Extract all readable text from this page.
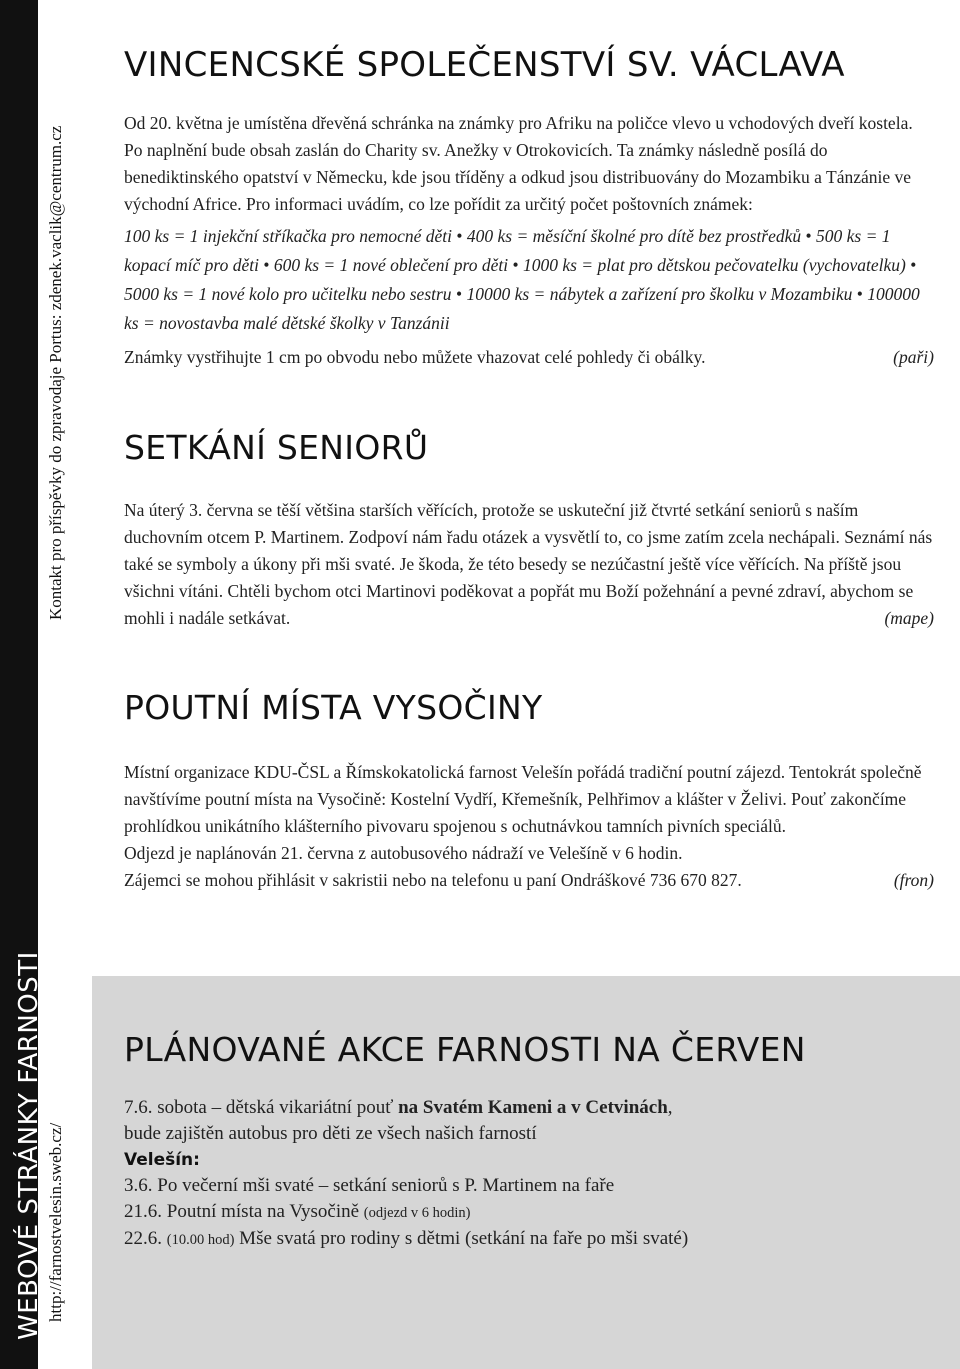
WEBOVÉ STRÁNKY FARNOSTI http://farnostvelesin.sweb.cz/
Kontakt pro příspěvky do zpravodaje Portus: zdenek.vaclik@centrum.cz
VINCENCSKÉ SPOLEČENSTVÍ SV. VÁCLAVA

Od 20. května je umístěna dřevěná schránka na známky pro Afriku na poličce vlevo u vchodových dveří kostela. Po naplnění bude obsah zaslán do Charity sv. Anežky v Otrokovicích. Ta známky následně posílá do benediktinského opatství v Německu, kde jsou tříděny a odkud jsou distribuovány do Mozambiku a Tánzánie ve východní Africe. Pro informaci uvádím, co lze pořídit za určitý počet poštovních známek:

100 ks = 1 injekční stříkačka pro nemocné děti • 400 ks = měsíční školné pro dítě bez prostředků • 500 ks = 1 kopací míč pro děti • 600 ks = 1 nové oblečení pro děti • 1000 ks = plat pro dětskou pečovatelku (vychovatelku) • 5000 ks = 1 nové kolo pro učitelku nebo sestru • 10000 ks = nábytek a zařízení pro školku v Mozambiku • 100000 ks = novostavba malé dětské školky v Tanzánii

Známky vystřihujte 1 cm po obvodu nebo můžete vhazovat celé pohledy či obálky.	(paři)

SETKÁNÍ SENIORŮ

Na úterý 3. června se těší většina starších věřících, protože se uskuteční již čtvrté setkání seniorů s naším duchovním otcem P. Martinem. Zodpoví nám řadu otázek a vysvětlí to, co jsme zatím zcela nechápali. Seznámí nás také se symboly a úkony při mši svaté. Je škoda, že této besedy se nezúčastní ještě více věřících. Na příště jsou všichni vítáni. Chtěli bychom otci Martinovi poděkovat a popřát mu Boží požehnání a pevné zdraví, abychom se mohli i nadále setkávat.	(mape)

POUTNÍ MÍSTA VYSOČINY

Místní organizace KDU-ČSL a Římskokatolická farnost Velešín pořádá tradiční poutní zájezd. Tentokrát společně navštívíme poutní místa na Vysočině: Kostelní Vydří, Křemešník, Pelhřimov a klášter v Želivi. Pouť zakončíme prohlídkou unikátního klášterního pivovaru spojenou s ochutnávkou tamních pivních speciálů.

Odjezd je naplánován 21. června z autobusového nádraží ve Velešíně v 6 hodin.

Zájemci se mohou přihlásit v sakristii nebo na telefonu u paní Ondráškové 736 670 827.	(fron)

PLÁNOVANÉ AKCE FARNOSTI NA ČERVEN

7.6. sobota – dětská vikariátní pouť na Svatém Kameni a v Cetvinách,

bude zajištěn autobus pro děti ze všech našich farností

Velešín:

3.6. Po večerní mši svaté – setkání seniorů s P. Martinem na faře

21.6. Poutní místa na Vysočině (odjezd v 6 hodin)

22.6. (10.00 hod) Mše svatá pro rodiny s dětmi (setkání na faře po mši svaté)
